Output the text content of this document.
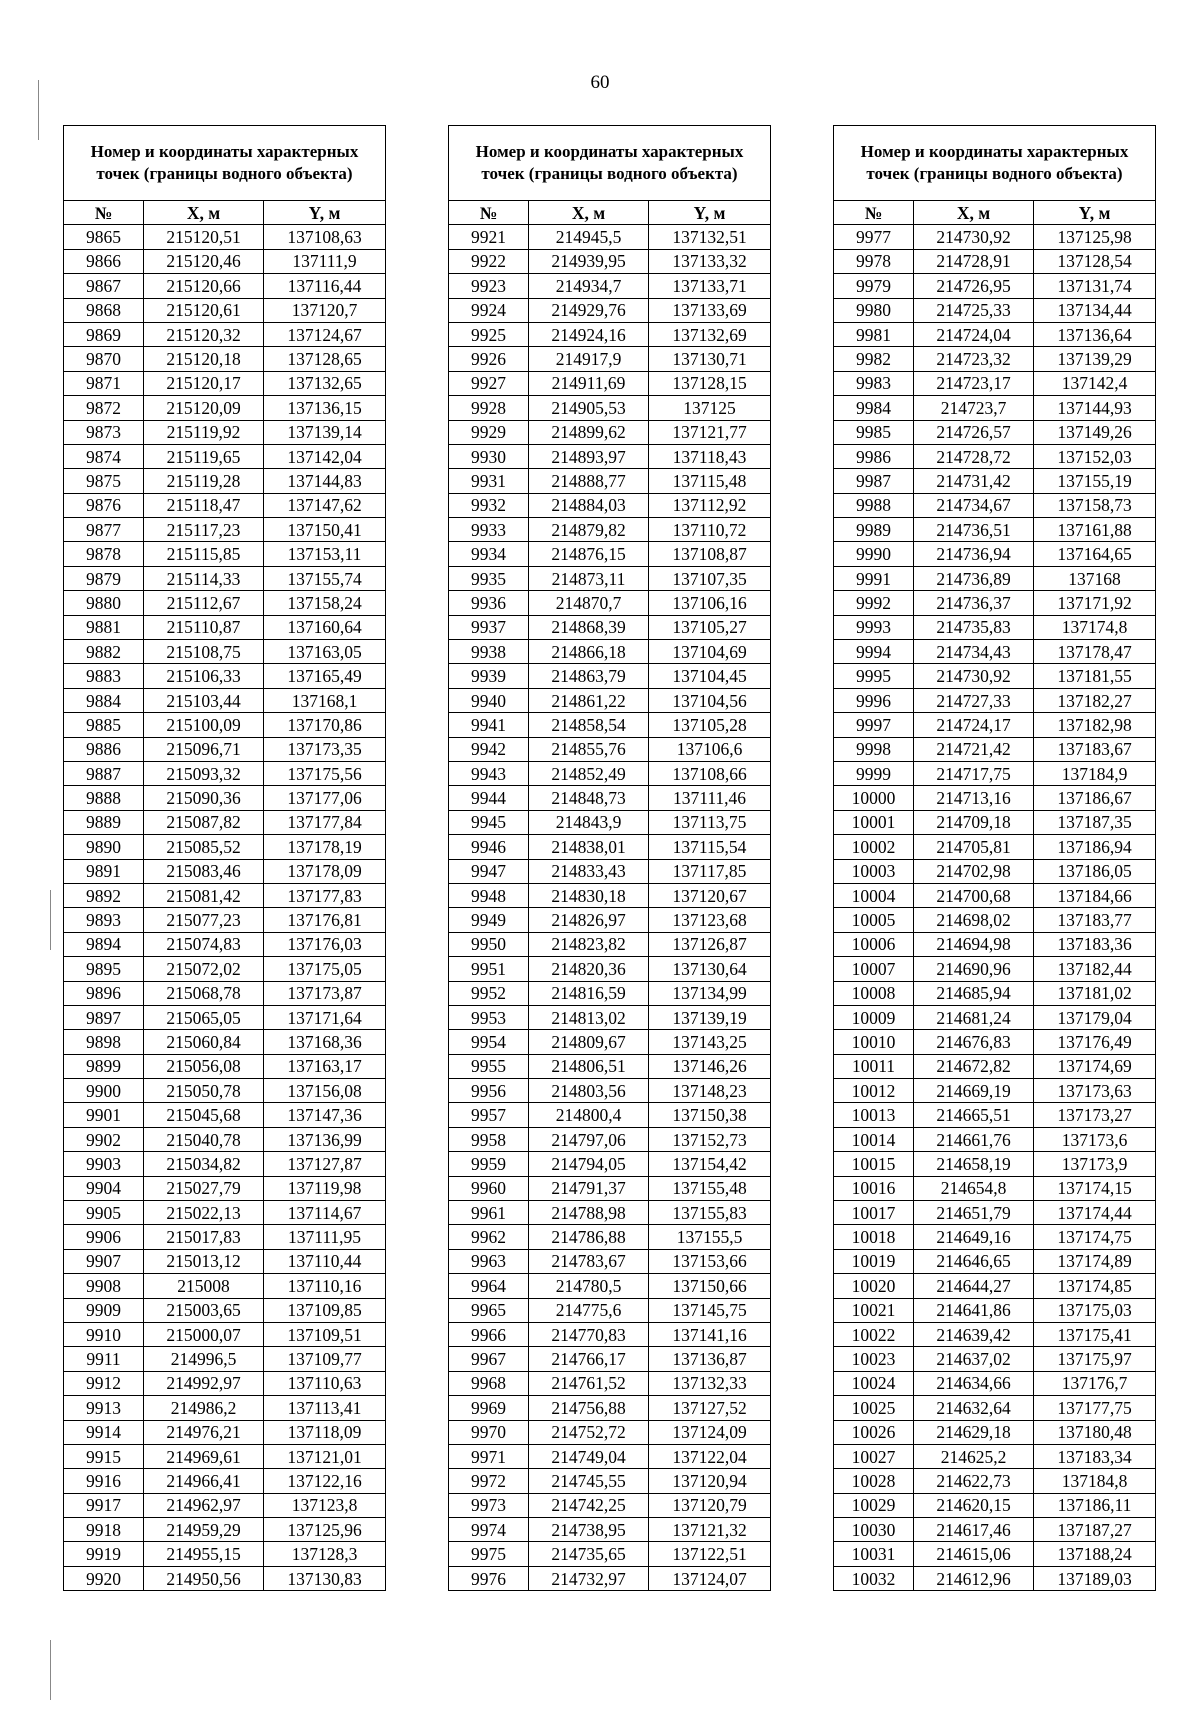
60
Номер и координаты характерных точек (границы водного объекта)		
№	X, м	Y, м
9865	215120,51	137108,63
9866	215120,46	137111,9
9867	215120,66	137116,44
9868	215120,61	137120,7
9869	215120,32	137124,67
9870	215120,18	137128,65
9871	215120,17	137132,65
9872	215120,09	137136,15
9873	215119,92	137139,14
9874	215119,65	137142,04
9875	215119,28	137144,83
9876	215118,47	137147,62
9877	215117,23	137150,41
9878	215115,85	137153,11
9879	215114,33	137155,74
9880	215112,67	137158,24
9881	215110,87	137160,64
9882	215108,75	137163,05
9883	215106,33	137165,49
9884	215103,44	137168,1
9885	215100,09	137170,86
9886	215096,71	137173,35
9887	215093,32	137175,56
9888	215090,36	137177,06
9889	215087,82	137177,84
9890	215085,52	137178,19
9891	215083,46	137178,09
9892	215081,42	137177,83
9893	215077,23	137176,81
9894	215074,83	137176,03
9895	215072,02	137175,05
9896	215068,78	137173,87
9897	215065,05	137171,64
9898	215060,84	137168,36
9899	215056,08	137163,17
9900	215050,78	137156,08
9901	215045,68	137147,36
9902	215040,78	137136,99
9903	215034,82	137127,87
9904	215027,79	137119,98
9905	215022,13	137114,67
9906	215017,83	137111,95
9907	215013,12	137110,44
9908	215008	137110,16
9909	215003,65	137109,85
9910	215000,07	137109,51
9911	214996,5	137109,77
9912	214992,97	137110,63
9913	214986,2	137113,41
9914	214976,21	137118,09
9915	214969,61	137121,01
9916	214966,41	137122,16
9917	214962,97	137123,8
9918	214959,29	137125,96
9919	214955,15	137128,3
9920	214950,56	137130,83
Номер и координаты характерных точек (границы водного объекта)		
№	X, м	Y, м
9921	214945,5	137132,51
9922	214939,95	137133,32
9923	214934,7	137133,71
9924	214929,76	137133,69
9925	214924,16	137132,69
9926	214917,9	137130,71
9927	214911,69	137128,15
9928	214905,53	137125
9929	214899,62	137121,77
9930	214893,97	137118,43
9931	214888,77	137115,48
9932	214884,03	137112,92
9933	214879,82	137110,72
9934	214876,15	137108,87
9935	214873,11	137107,35
9936	214870,7	137106,16
9937	214868,39	137105,27
9938	214866,18	137104,69
9939	214863,79	137104,45
9940	214861,22	137104,56
9941	214858,54	137105,28
9942	214855,76	137106,6
9943	214852,49	137108,66
9944	214848,73	137111,46
9945	214843,9	137113,75
9946	214838,01	137115,54
9947	214833,43	137117,85
9948	214830,18	137120,67
9949	214826,97	137123,68
9950	214823,82	137126,87
9951	214820,36	137130,64
9952	214816,59	137134,99
9953	214813,02	137139,19
9954	214809,67	137143,25
9955	214806,51	137146,26
9956	214803,56	137148,23
9957	214800,4	137150,38
9958	214797,06	137152,73
9959	214794,05	137154,42
9960	214791,37	137155,48
9961	214788,98	137155,83
9962	214786,88	137155,5
9963	214783,67	137153,66
9964	214780,5	137150,66
9965	214775,6	137145,75
9966	214770,83	137141,16
9967	214766,17	137136,87
9968	214761,52	137132,33
9969	214756,88	137127,52
9970	214752,72	137124,09
9971	214749,04	137122,04
9972	214745,55	137120,94
9973	214742,25	137120,79
9974	214738,95	137121,32
9975	214735,65	137122,51
9976	214732,97	137124,07
Номер и координаты характерных точек (границы водного объекта)		
№	X, м	Y, м
9977	214730,92	137125,98
9978	214728,91	137128,54
9979	214726,95	137131,74
9980	214725,33	137134,44
9981	214724,04	137136,64
9982	214723,32	137139,29
9983	214723,17	137142,4
9984	214723,7	137144,93
9985	214726,57	137149,26
9986	214728,72	137152,03
9987	214731,42	137155,19
9988	214734,67	137158,73
9989	214736,51	137161,88
9990	214736,94	137164,65
9991	214736,89	137168
9992	214736,37	137171,92
9993	214735,83	137174,8
9994	214734,43	137178,47
9995	214730,92	137181,55
9996	214727,33	137182,27
9997	214724,17	137182,98
9998	214721,42	137183,67
9999	214717,75	137184,9
10000	214713,16	137186,67
10001	214709,18	137187,35
10002	214705,81	137186,94
10003	214702,98	137186,05
10004	214700,68	137184,66
10005	214698,02	137183,77
10006	214694,98	137183,36
10007	214690,96	137182,44
10008	214685,94	137181,02
10009	214681,24	137179,04
10010	214676,83	137176,49
10011	214672,82	137174,69
10012	214669,19	137173,63
10013	214665,51	137173,27
10014	214661,76	137173,6
10015	214658,19	137173,9
10016	214654,8	137174,15
10017	214651,79	137174,44
10018	214649,16	137174,75
10019	214646,65	137174,89
10020	214644,27	137174,85
10021	214641,86	137175,03
10022	214639,42	137175,41
10023	214637,02	137175,97
10024	214634,66	137176,7
10025	214632,64	137177,75
10026	214629,18	137180,48
10027	214625,2	137183,34
10028	214622,73	137184,8
10029	214620,15	137186,11
10030	214617,46	137187,27
10031	214615,06	137188,24
10032	214612,96	137189,03
